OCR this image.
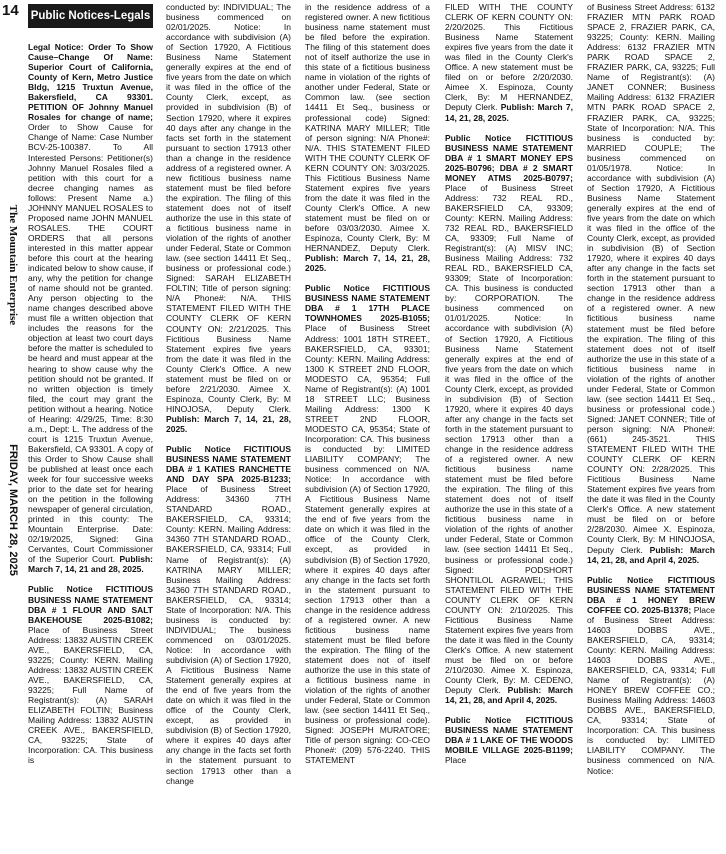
14
The Mountain Enterprise
FRIDAY, MARCH 28, 2025
Public Notices-Legals

Legal Notice: Order To Show Cause–Change Of Name: Superior Court of California, County of Kern, Metro Justice Bldg, 1215 Truxtun Avenue, Bakersfield, CA 93301. PETITION OF Johnny Manuel Rosales for change of name; Order to Show Cause for Change of Name: Case Number BCV-25-100387. To All Interested Persons: Petitioner(s) Johnny Manuel Rosales filed a petition with this court for a decree changing names as follows: Present Name a.) JOHNNY MANUEL ROSALES to Proposed name JOHN MANUEL ROSALES. THE COURT ORDERS that all persons interested in this matter appear before this court at the hearing indicated below to show cause, if any, why the petition for change of name should not be granted. Any person objecting to the name changes described above must file a written objection that includes the reasons for the objection at least two court days before the matter is scheduled to be heard and must appear at the hearing to show cause why the petition should not be granted. If no written objection is timely filed, the court may grant the petition without a hearing. Notice of Hearing: 4/29/25, Time: 8:30 a.m., Dept: L. The address of the court is 1215 Truxtun Avenue, Bakersfield, CA 93301. A copy of this Order to Show Cause shall be published at least once each week for four successive weeks prior to the date set for hearing on the petition in the following newspaper of general circulation, printed in this county: The Mountain Enterprise. Date: 02/19/2025, Signed: Gina Cervantes, Court Commissioner of the Superior Court. Publish: March 7, 14, 21 and 28, 2025.

Public Notice FICTITIOUS BUSINESS NAME STATEMENT DBA # 1 FLOUR AND SALT BAKEHOUSE 2025-B1082; Place of Business Street Address: 13832 AUSTIN CREEK AVE., BAKERSFIELD, CA, 93225; County: KERN. Mailing Address: 13832 AUSTIN CREEK AVE., BAKERSFIELD, CA, 93225; Full Name of Registrant(s): (A) SARAH ELIZABETH FOLTIN; Business Mailing Address: 13832 AUSTIN CREEK AVE., BAKERSFIELD, CA, 93225; State of Incorporation: CA. This business is

conducted by: INDIVIDUAL; The business commenced on 02/01/2025. Notice: In accordance with subdivision (A) of Section 17920, A Fictitious Business Name Statement generally expires at the end of five years from the date on which it was filed in the office of the County Clerk, except, as provided in subdivision (B) of Section 17920, where it expires 40 days after any change in the facts set forth in the statement pursuant to section 17913 other than a change in the residence address of a registered owner. A new fictitious business name statement must be filed before the expiration. The filing of this statement does not of itself authorize the use in this state of a fictitious business name in violation of the rights of another under Federal, State or Common law. (see section 14411 Et Seq., business or professional code.) Signed: SARAH ELIZABETH FOLTIN; Title of person signing: N/A Phone#: N/A. THIS STATEMENT FILED WITH THE COUNTY CLERK OF KERN COUNTY ON: 2/21/2025. This Fictitious Business Name Statement expires five years from the date it was filed in the County Clerk's Office. A new statement must be filed on or before 2/21/2030. Aimee X. Espinoza, County Clerk, By: M HINOJOSA, Deputy Clerk. Publish: March 7, 14, 21, 28, 2025.

Public Notice FICTITIOUS BUSINESS NAME STATEMENT DBA # 1 KATIES RANCHETTE AND DAY SPA 2025-B1233; Place of Business Street Address: 34360 7TH STANDARD ROAD., BAKERSFIELD, CA, 93314; County: KERN. Mailing Address: 34360 7TH STANDARD ROAD., BAKERSFIELD, CA, 93314; Full Name of Registrant(s): (A) KATRINA MARY MILLER; Business Mailing Address: 34360 7TH STANDARD ROAD., BAKERSFIELD, CA, 93314; State of Incorporation: N/A. This business is conducted by: INDIVIDUAL; The business commenced on 03/01/2025. Notice: In accordance with subdivision (A) of Section 17920, A Fictitious Business Name Statement generally expires at the end of five years from the date on which it was filed in the office of the County Clerk, except, as provided in subdivision (B) of Section 17920, where it expires 40 days after any change in the facts set forth in the statement pursuant to section 17913 other than a change

in the residence address of a registered owner. A new fictitious business name statement must be filed before the expiration. The filing of this statement does not of itself authorize the use in this state of a fictitious business name in violation of the rights of another under Federal, State or Common law. (see section 14411 Et Seq., business or professional code) Signed: KATRINA MARY MILLER; Title of person signing: N/A Phone#: N/A. THIS STATEMENT FILED WITH THE COUNTY CLERK OF KERN COUNTY ON: 3/03/2025. This Fictitious Business Name Statement expires five years from the date it was filed in the County Clerk's Office. A new statement must be filed on or before 03/03/2030. Aimee X. Espinoza, County Clerk, By: M HERNANDEZ, Deputy Clerk. Publish: March 7, 14, 21, 28, 2025.

Public Notice FICTITIOUS BUSINESS NAME STATEMENT DBA # 1 17TH PLACE TOWNHOMES 2025-B1055; Place of Business Street Address: 1001 18TH STREET., BAKERSFIELD, CA, 93301; County: KERN. Mailing Address: 1300 K STREET 2ND FLOOR, MODESTO CA, 95354; Full Name of Registrant(s): (A) 1001 18 STREET LLC; Business Mailing Address: 1300 K STREET 2ND FLOOR, MODESTO CA, 95354; State of Incorporation: CA. This business is conducted by: LIMITED LIABILITY COMPANY; The business commenced on N/A. Notice: In accordance with subdivision (A) of Section 17920, A Fictitious Business Name Statement generally expires at the end of five years from the date on which it was filed in the office of the County Clerk, except, as provided in subdivision (B) of Section 17920, where it expires 40 days after any change in the facts set forth in the statement pursuant to section 17913 other than a change in the residence address of a registered owner. A new fictitious business name statement must be filed before the expiration. The filing of the statement does not of itself authorize the use in this state of a fictitious business name in violation of the rights of another under Federal, State or Common law. (see section 14411 Et Seq., business or professional code). Signed: JOSEPH MURATORE; Title of person signing: CO-CEO Phone#: (209) 576-2240. THIS STATEMENT

FILED WITH THE COUNTY CLERK OF KERN COUNTY ON: 2/20/2025. This Fictitious Business Name Statement expires five years from the date it was filed in the County Clerk's Office. A new statement must be filed on or before 2/20/2030. Aimee X. Espinoza, County Clerk, By: M HERNANDEZ, Deputy Clerk. Publish: March 7, 14, 21, 28, 2025.

Public Notice FICTITIOUS BUSINESS NAME STATEMENT DBA # 1 SMART MONEY EPS 2025-B0796; DBA # 2 SMART MONEY ATMS 2025-B0797; Place of Business Street Address: 732 REAL RD., BAKERSFIELD CA, 93309; County: KERN. Mailing Address: 732 REAL RD., BAKERSFIELD CA, 93309; Full Name of Registrant(s): (A) MISV INC; Business Mailing Address: 732 REAL RD., BAKERSFIELD CA, 93309; State of Incorporation: CA. This business is conducted by: CORPORATION. The business commenced on 01/01/2025. Notice: In accordance with subdivision (A) of Section 17920, A Fictitious Business Name Statement generally expires at the end of five years from the date on which it was filed in the office of the County Clerk, except, as provided in subdivision (B) of Section 17920, where it expires 40 days after any change in the facts set forth in the statement pursuant to section 17913 other than a change in the residence address of a registered owner. A new fictitious business name statement must be filed before the expiration. The filing of this statement does not of itself authorize the use in this state of a fictitious business name in violation of the rights of another under Federal, State or Common law. (see section 14411 Et Seq., business or professional code.) Signed: PODSHORT SHONTILOL AGRAWEL; THIS STATEMENT FILED WITH THE COUNTY CLERK OF KERN COUNTY ON: 2/10/2025. This Fictitious Business Name Statement expires five years from the date it was filed in the County Clerk's Office. A new statement must be filed on or before 2/10/2030. Aimee X. Espinoza, County Clerk, By: M. CEDENO, Deputy Clerk. Publish: March 14, 21, 28, and April 4, 2025.

Public Notice FICTITIOUS BUSINESS NAME STATEMENT DBA # 1 LAKE OF THE WOODS MOBILE VILLAGE 2025-B1199; Place

of Business Street Address: 6132 FRAZIER MTN PARK ROAD SPACE 2, FRAZIER PARK, CA, 93225; County: KERN. Mailing Address: 6132 FRAZIER MTN PARK ROAD SPACE 2, FRAZIER PARK, CA, 93225; Full Name of Registrant(s): (A) JANET CONNER; Business Mailing Address: 6132 FRAZIER MTN PARK ROAD SPACE 2, FRAZIER PARK, CA, 93225; State of Incorporation: N/A. This business is conducted by: MARRIED COUPLE; The business commenced on 01/05/1978. Notice: In accordance with subdivision (A) of Section 17920, A Fictitious Business Name Statement generally expires at the end of five years from the date on which it was filed in the office of the County Clerk, except, as provided in subdivision (B) of Section 17920, where it expires 40 days after any change in the facts set forth in the statement pursuant to section 17913 other than a change in the residence address of a registered owner. A new fictitious business name statement must be filed before the expiration. The filing of this statement does not of itself authorize the use in this state of a fictitious business name in violation of the rights of another under Federal, State or Common law. (see section 14411 Et Seq., business or professional code.) Signed: JANET CONNER; Title of person signing: N/A Phone#: (661) 245-3521. THIS STATEMENT FILED WITH THE COUNTY CLERK OF KERN COUNTY ON: 2/28/2025. This Fictitious Business Name Statement expires five years from the date it was filed in the County Clerk's Office. A new statement must be filed on or before 2/28/2030. Aimee X. Espinoza, County Clerk, By: M HINOJOSA, Deputy Clerk. Publish: March 14, 21, 28, and April 4, 2025.

Public Notice FICTITIOUS BUSINESS NAME STATEMENT DBA # 1 HONEY BREW COFFEE CO. 2025-B1378; Place of Business Street Address: 14603 DOBBS AVE., BAKERSFIELD, CA, 93314; County: KERN. Mailing Address: 14603 DOBBS AVE., BAKERSFIELD, CA, 93314; Full Name of Registrant(s): (A) HONEY BREW COFFEE CO.; Business Mailing Address: 14603 DOBBS AVE., BAKERSFIELD, CA, 93314; State of Incorporation: CA. This business is conducted by: LIMITED LIABILITY COMPANY. The business commenced on N/A. Notice:
